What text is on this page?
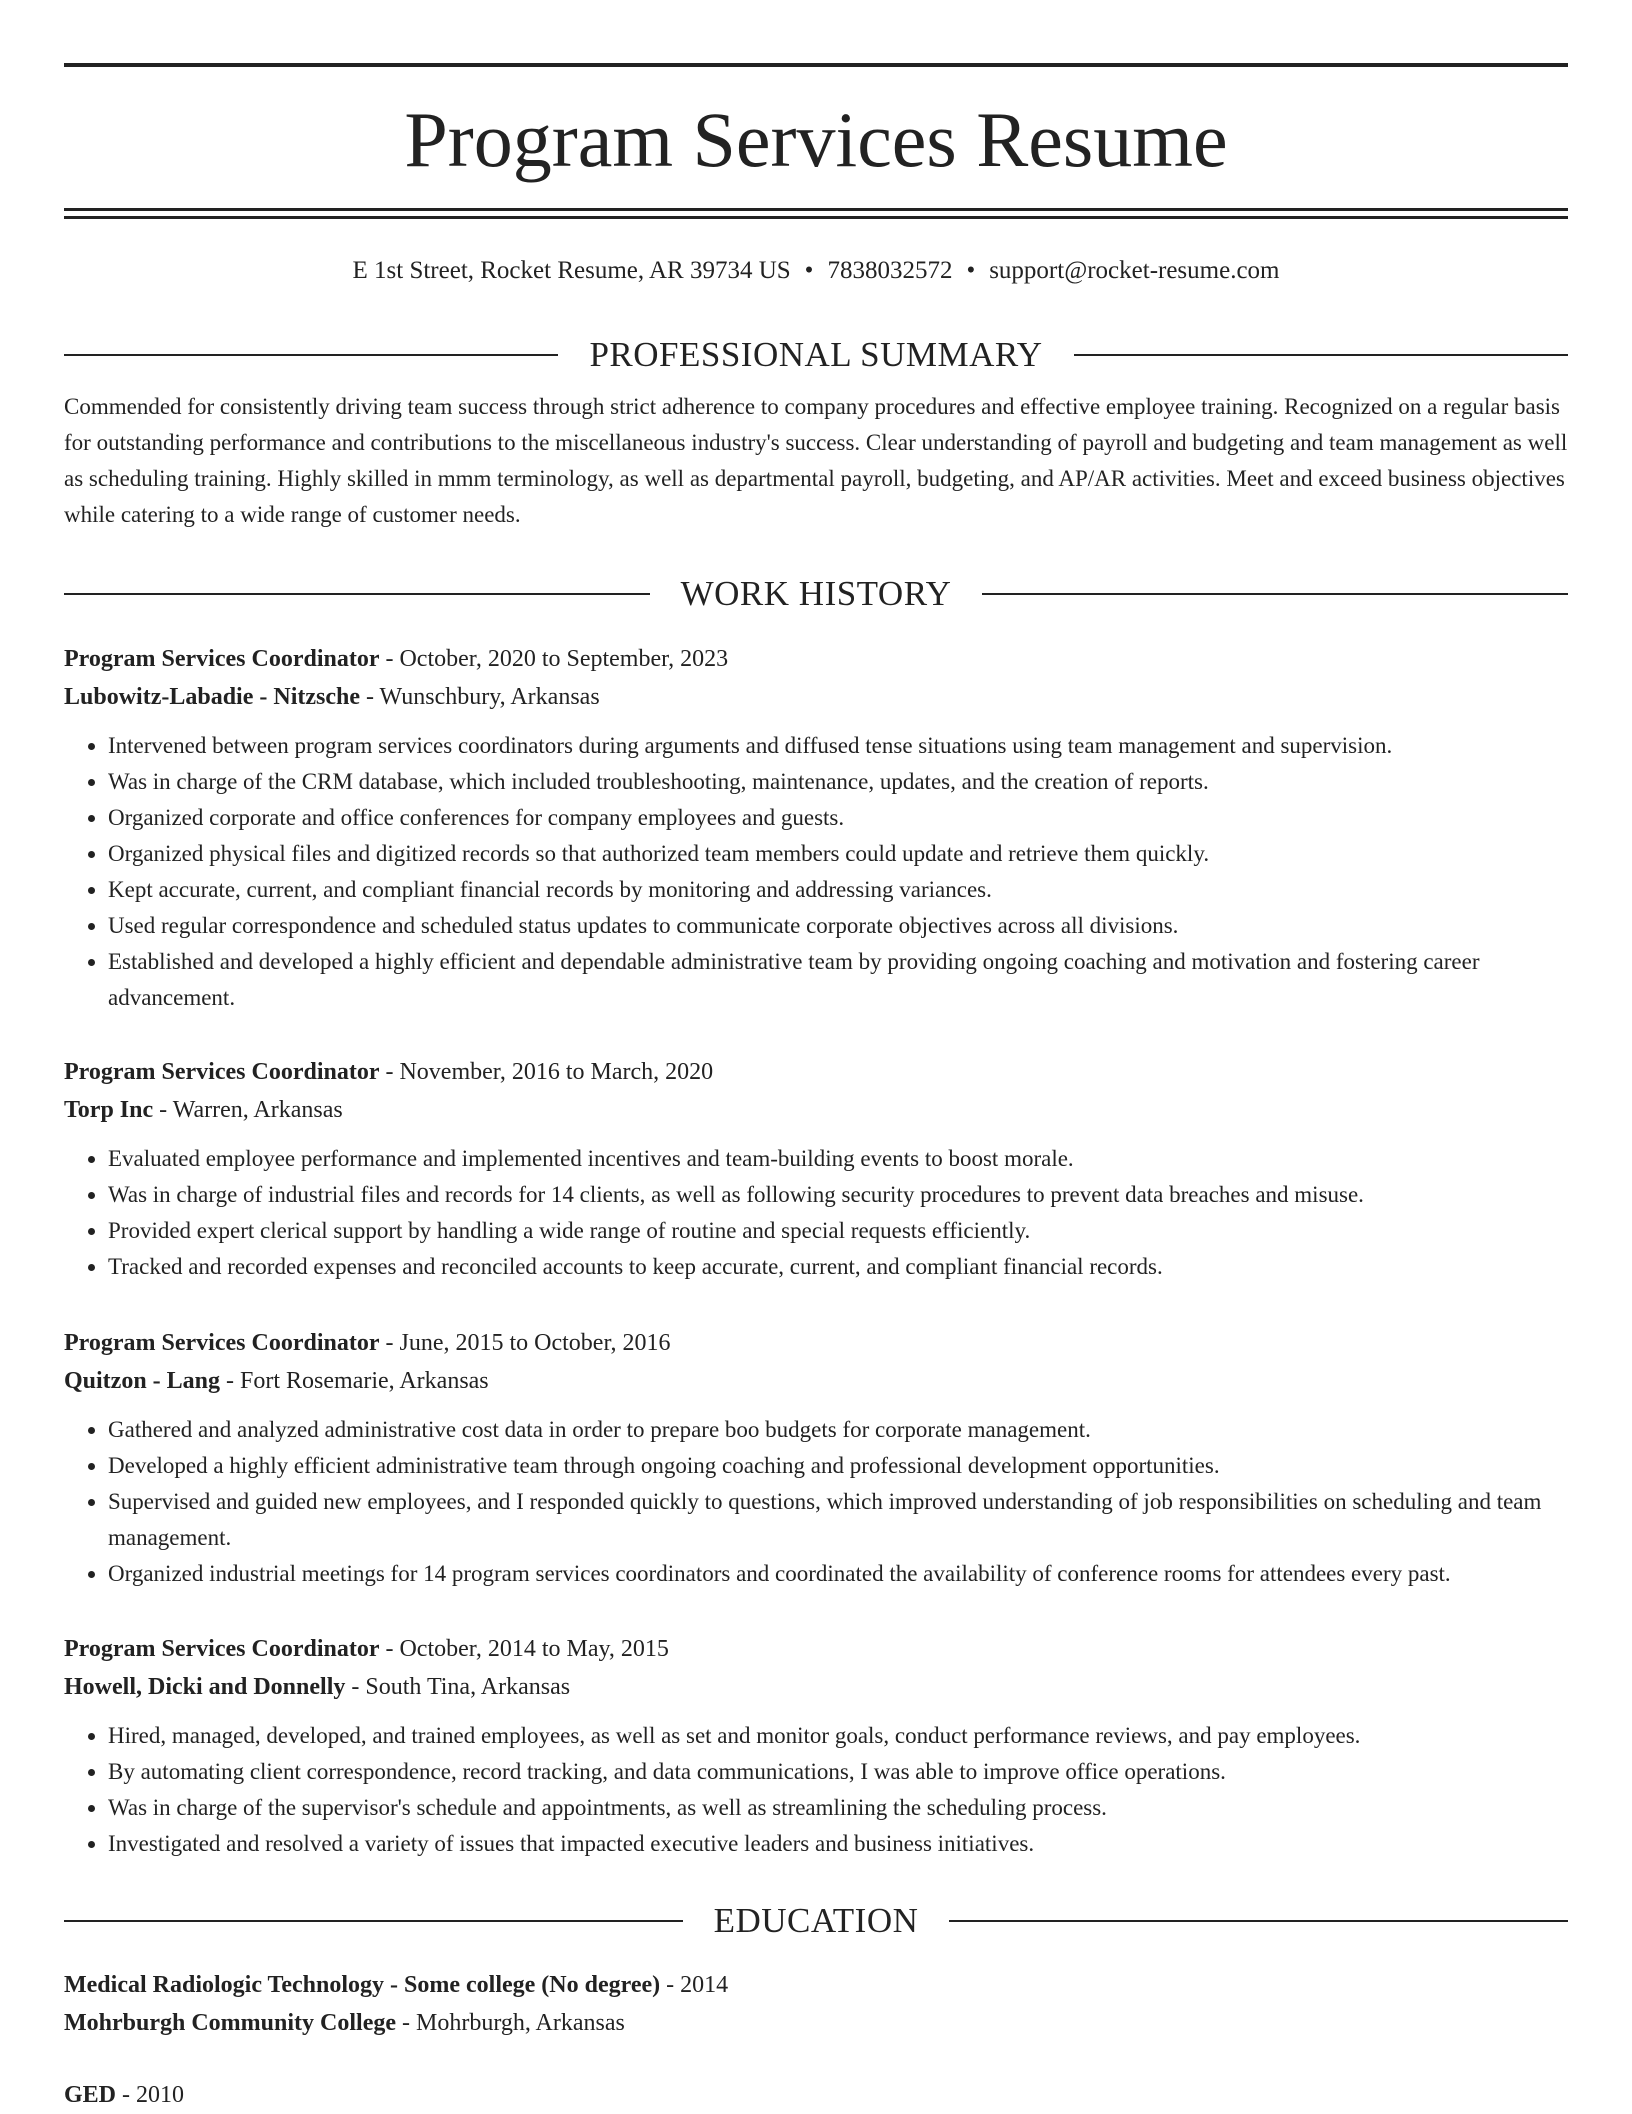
Program Services Resume
E 1st Street, Rocket Resume, AR 39734 US • 7838032572 • support@rocket-resume.com
PROFESSIONAL SUMMARY

Commended for consistently driving team success through strict adherence to company procedures and effective employee training. Recognized on a regular basis for outstanding performance and contributions to the miscellaneous industry's success. Clear understanding of payroll and budgeting and team management as well as scheduling training. Highly skilled in mmm terminology, as well as departmental payroll, budgeting, and AP/AR activities. Meet and exceed business objectives while catering to a wide range of customer needs.

WORK HISTORY
Program Services Coordinator - October, 2020 to September, 2023
Lubowitz-Labadie - Nitzsche - Wunschbury, Arkansas
• Intervened between program services coordinators during arguments and diffused tense situations using team management and supervision.
• Was in charge of the CRM database, which included troubleshooting, maintenance, updates, and the creation of reports.
• Organized corporate and office conferences for company employees and guests.
• Organized physical files and digitized records so that authorized team members could update and retrieve them quickly.
• Kept accurate, current, and compliant financial records by monitoring and addressing variances.
• Used regular correspondence and scheduled status updates to communicate corporate objectives across all divisions.
• Established and developed a highly efficient and dependable administrative team by providing ongoing coaching and motivation and fostering career advancement.
Program Services Coordinator - November, 2016 to March, 2020
Torp Inc - Warren, Arkansas
• Evaluated employee performance and implemented incentives and team-building events to boost morale.
• Was in charge of industrial files and records for 14 clients, as well as following security procedures to prevent data breaches and misuse.
• Provided expert clerical support by handling a wide range of routine and special requests efficiently.
• Tracked and recorded expenses and reconciled accounts to keep accurate, current, and compliant financial records.
Program Services Coordinator - June, 2015 to October, 2016
Quitzon - Lang - Fort Rosemarie, Arkansas
• Gathered and analyzed administrative cost data in order to prepare boo budgets for corporate management.
• Developed a highly efficient administrative team through ongoing coaching and professional development opportunities.
• Supervised and guided new employees, and I responded quickly to questions, which improved understanding of job responsibilities on scheduling and team management.
• Organized industrial meetings for 14 program services coordinators and coordinated the availability of conference rooms for attendees every past.
Program Services Coordinator - October, 2014 to May, 2015
Howell, Dicki and Donnelly - South Tina, Arkansas
• Hired, managed, developed, and trained employees, as well as set and monitor goals, conduct performance reviews, and pay employees.
• By automating client correspondence, record tracking, and data communications, I was able to improve office operations.
• Was in charge of the supervisor's schedule and appointments, as well as streamlining the scheduling process.
• Investigated and resolved a variety of issues that impacted executive leaders and business initiatives.
EDUCATION
Medical Radiologic Technology - Some college (No degree) - 2014
Mohrburgh Community College - Mohrburgh, Arkansas
GED - 2010
